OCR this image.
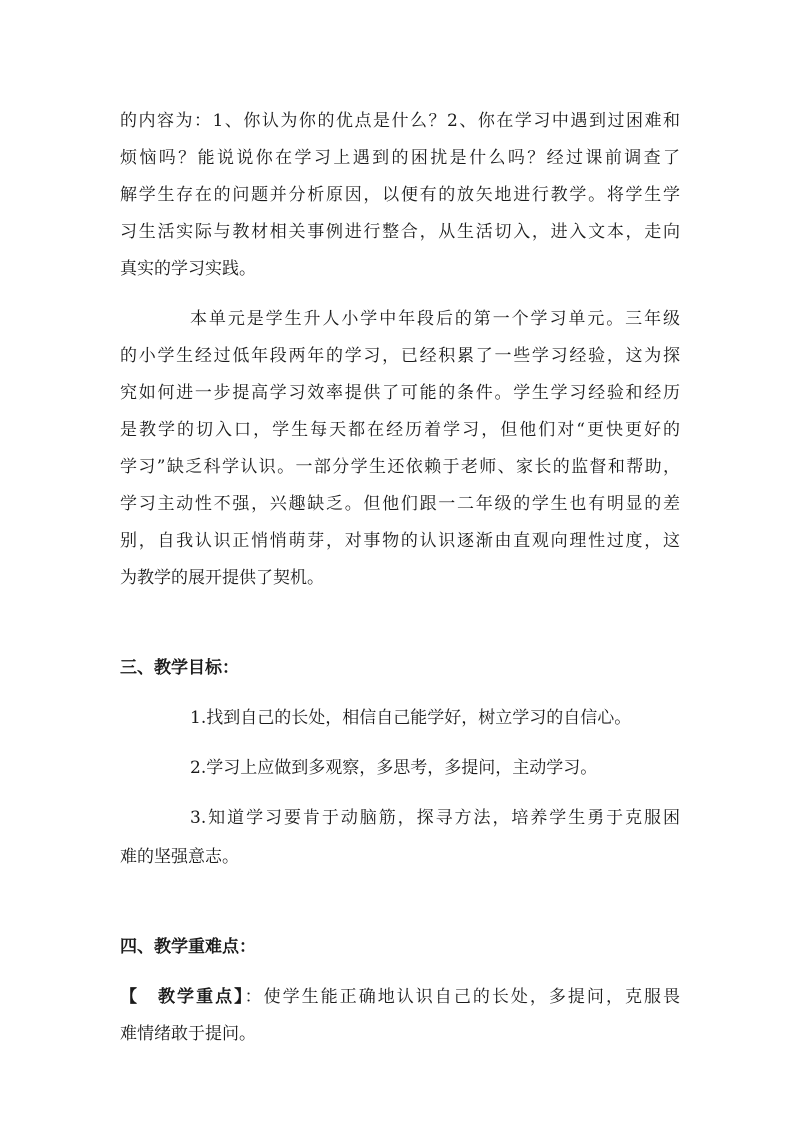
的内容为：1、你认为你的优点是什么？2、你在学习中遇到过困难和
烦恼吗？能说说你在学习上遇到的困扰是什么吗？经过课前调查了
解学生存在的问题并分析原因，以便有的放矢地进行教学。将学生学
习生活实际与教材相关事例进行整合，从生活切入，进入文本，走向
真实的学习实践。
本单元是学生升人小学中年段后的第一个学习单元。三年级
的小学生经过低年段两年的学习，已经积累了一些学习经验，这为探
究如何进一步提高学习效率提供了可能的条件。学生学习经验和经历
是教学的切入口，学生每天都在经历着学习，但他们对“更快更好的
学习”缺乏科学认识。一部分学生还依赖于老师、家长的监督和帮助，
学习主动性不强，兴趣缺乏。但他们跟一二年级的学生也有明显的差
别，自我认识正悄悄萌芽，对事物的认识逐渐由直观向理性过度，这
为教学的展开提供了契机。
三、教学目标：
1.找到自己的长处，相信自己能学好，树立学习的自信心。
2.学习上应做到多观察，多思考，多提问，主动学习。
3.知道学习要肯于动脑筋，探寻方法，培养学生勇于克服困
难的坚强意志。
四、教学重难点：
【　教学重点】：使学生能正确地认识自己的长处，多提问，克服畏
难情绪敢于提问。
